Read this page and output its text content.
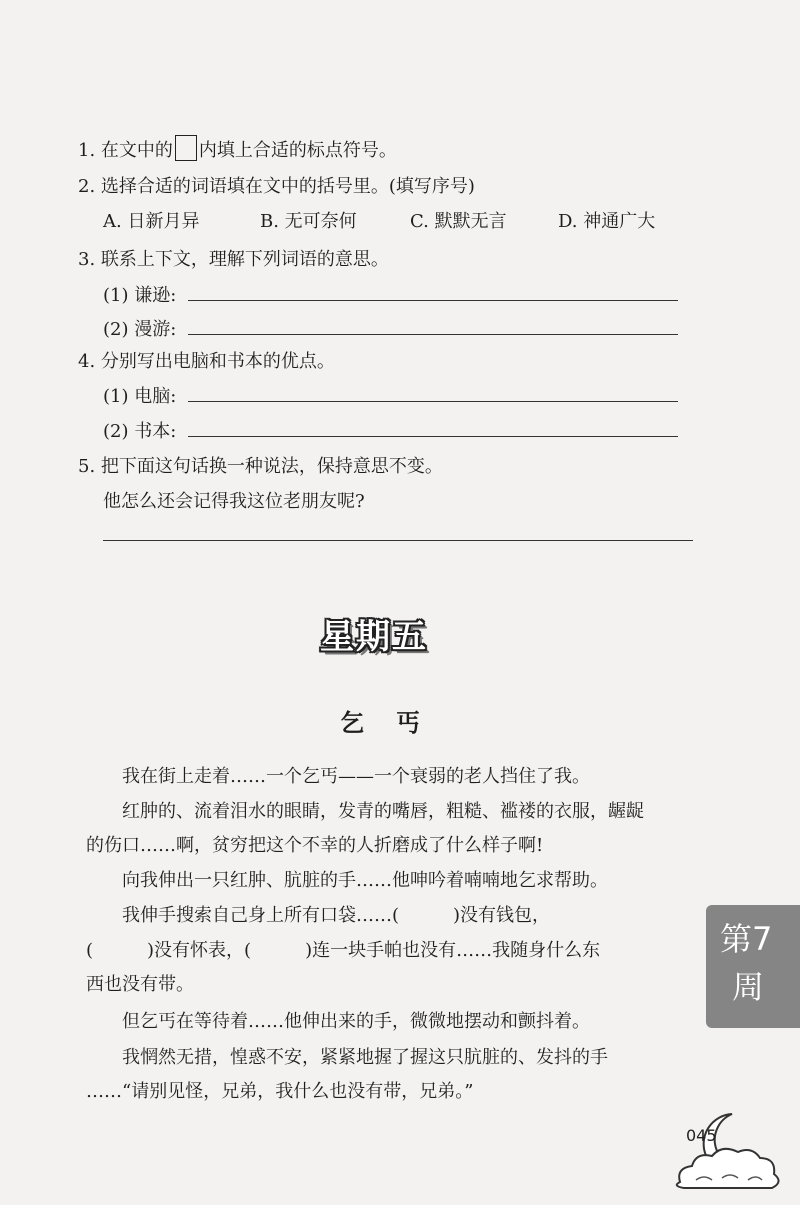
1. 在文中的 内填上合适的标点符号。
2. 选择合适的词语填在文中的括号里。(填写序号)
A. 日新月异	B. 无可奈何	C. 默默无言	D. 神通广大
3. 联系上下文，理解下列词语的意思。
(1) 谦逊:
(2) 漫游:
4. 分别写出电脑和书本的优点。
(1) 电脑:
(2) 书本:
5. 把下面这句话换一种说法，保持意思不变。
他怎么还会记得我这位老朋友呢?
星期五
乞丐
我在街上走着……一个乞丐——一个衰弱的老人挡住了我。
红肿的、流着泪水的眼睛，发青的嘴唇，粗糙、褴褛的衣服，龌龊
的伤口……啊，贫穷把这个不幸的人折磨成了什么样子啊!
向我伸出一只红肿、肮脏的手……他呻吟着喃喃地乞求帮助。
我伸手搜索自己身上所有口袋……(　　　)没有钱包，
(　　　)没有怀表，(　　　)连一块手帕也没有……我随身什么东
西也没有带。
但乞丐在等待着……他伸出来的手，微微地摆动和颤抖着。
我惘然无措，惶惑不安，紧紧地握了握这只肮脏的、发抖的手
……“请别见怪，兄弟，我什么也没有带，兄弟。”
第7
周
045
